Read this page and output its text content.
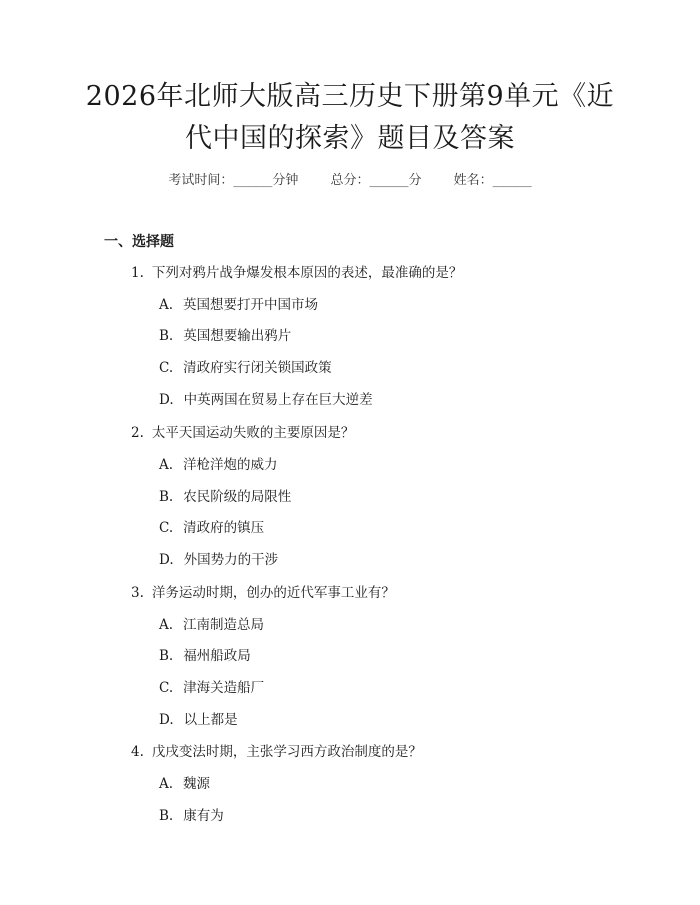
2026年北师大版高三历史下册第9单元《近
代中国的探索》题目及答案
考试时间：______分钟 总分：______分 姓名：______
一、选择题
1. 下列对鸦片战争爆发根本原因的表述，最准确的是？
A. 英国想要打开中国市场
B. 英国想要输出鸦片
C. 清政府实行闭关锁国政策
D. 中英两国在贸易上存在巨大逆差
2. 太平天国运动失败的主要原因是？
A. 洋枪洋炮的威力
B. 农民阶级的局限性
C. 清政府的镇压
D. 外国势力的干涉
3. 洋务运动时期，创办的近代军事工业有？
A. 江南制造总局
B. 福州船政局
C. 津海关造船厂
D. 以上都是
4. 戊戌变法时期，主张学习西方政治制度的是？
A. 魏源
B. 康有为
